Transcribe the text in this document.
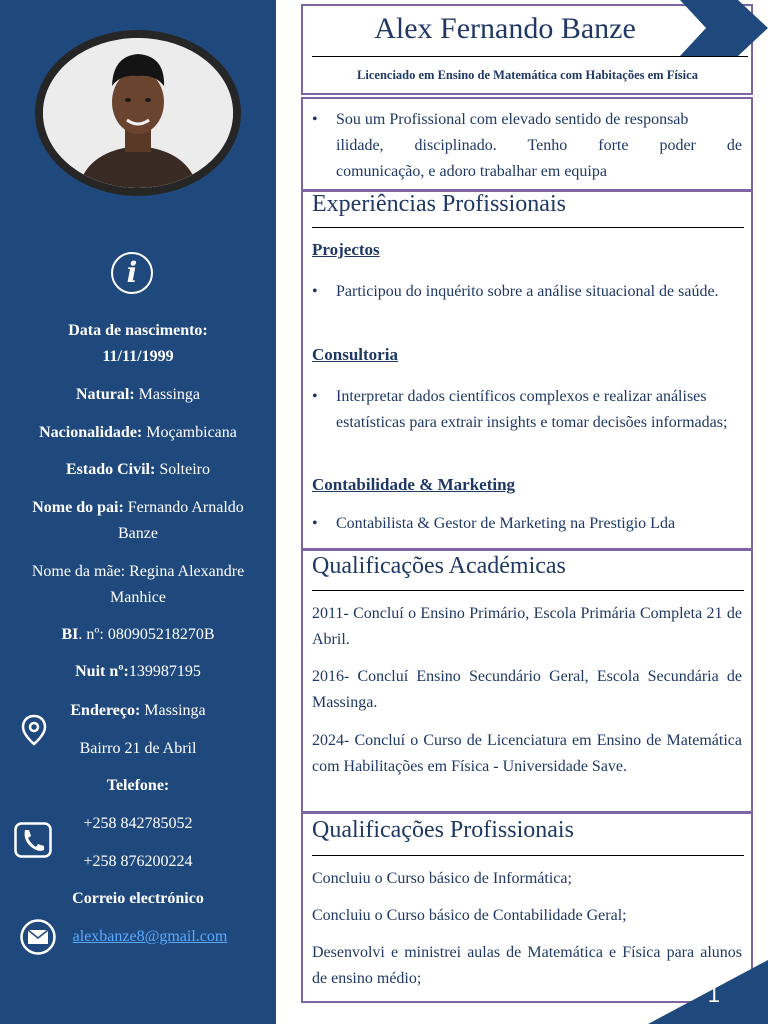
i
Data de nascimento:
11/11/1999
Natural: Massinga
Nacionalidade: Moçambicana
Estado Civil: Solteiro
Nome do pai: Fernando Arnaldo
Banze
Nome da mãe: Regina Alexandre
Manhice
BI. nº: 080905218270B
Nuit nº:139987195
Endereço: Massinga
Bairro 21 de Abril
Telefone:
+258 842785052
+258 876200224
Correio electrónico
alexbanze8@gmail.com
Alex Fernando Banze
Licenciado em Ensino de Matemática com Habitações em Física
• Sou um Profissional com elevado sentido de responsab
ilidade, disciplinado. Tenho forte poder de
comunicação, e adoro trabalhar em equipa
Experiências Profissionais
Projectos
• Participou do inquérito sobre a análise situacional de saúde.
Consultoria
• Interpretar dados científicos complexos e realizar análises estatísticas para extrair insights e tomar decisões informadas;
Contabilidade & Marketing
• Contabilista & Gestor de Marketing na Prestigio Lda
Qualificações Académicas
2011- Concluí o Ensino Primário, Escola Primária Completa 21 de Abril.
2016- Concluí Ensino Secundário Geral, Escola Secundária de Massinga.
2024- Concluí o Curso de Licenciatura em Ensino de Matemática com Habilitações em Física - Universidade Save.
Qualificações Profissionais
Concluiu o Curso básico de Informática;
Concluiu o Curso básico de Contabilidade Geral;
Desenvolvi e ministrei aulas de Matemática e Física para alunos de ensino médio;
1
